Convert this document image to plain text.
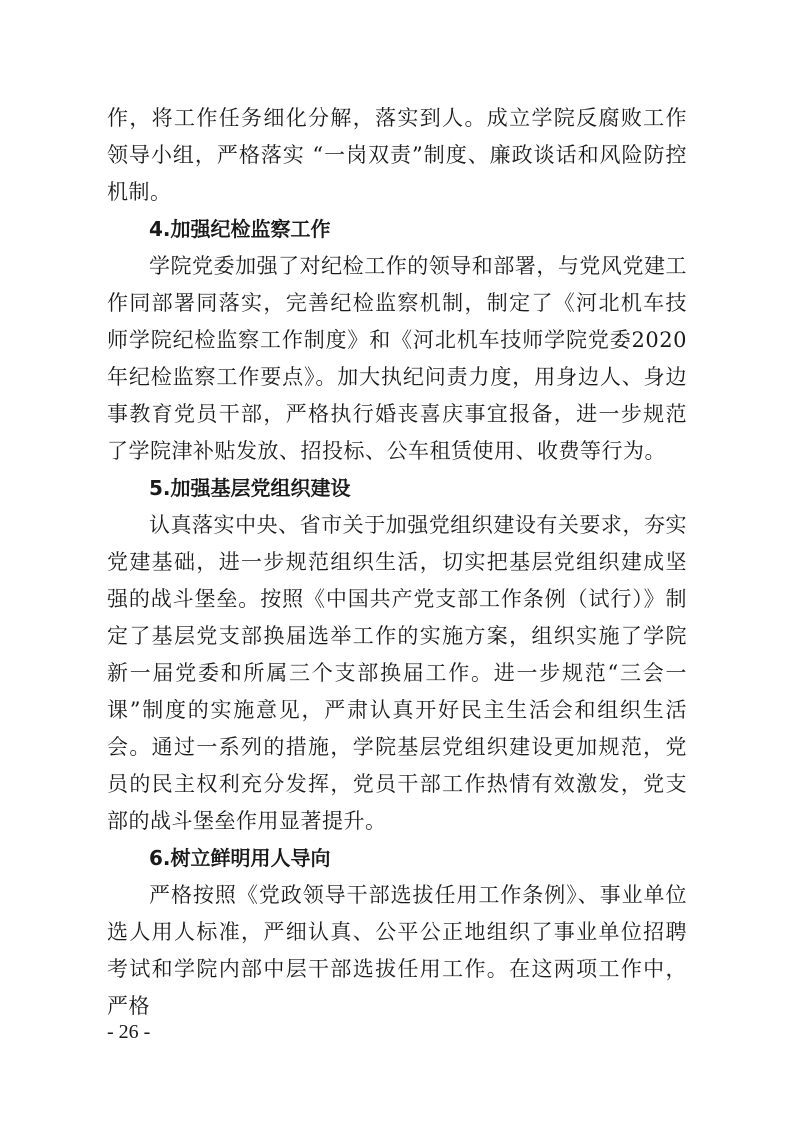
作，将工作任务细化分解，落实到人。成立学院反腐败工作领导小组，严格落实 “一岗双责”制度、廉政谈话和风险防控机制。

4.加强纪检监察工作

学院党委加强了对纪检工作的领导和部署，与党风党建工作同部署同落实，完善纪检监察机制，制定了《河北机车技师学院纪检监察工作制度》和《河北机车技师学院党委2020年纪检监察工作要点》。加大执纪问责力度，用身边人、身边事教育党员干部，严格执行婚丧喜庆事宜报备，进一步规范了学院津补贴发放、招投标、公车租赁使用、收费等行为。

5.加强基层党组织建设

认真落实中央、省市关于加强党组织建设有关要求，夯实党建基础，进一步规范组织生活，切实把基层党组织建成坚强的战斗堡垒。按照《中国共产党支部工作条例（试行）》制定了基层党支部换届选举工作的实施方案，组织实施了学院新一届党委和所属三个支部换届工作。进一步规范“三会一课”制度的实施意见，严肃认真开好民主生活会和组织生活会。通过一系列的措施，学院基层党组织建设更加规范，党员的民主权利充分发挥，党员干部工作热情有效激发，党支部的战斗堡垒作用显著提升。

6.树立鲜明用人导向

严格按照《党政领导干部选拔任用工作条例》、事业单位选人用人标准，严细认真、公平公正地组织了事业单位招聘考试和学院内部中层干部选拔任用工作。在这两项工作中，严格

- 26 -
